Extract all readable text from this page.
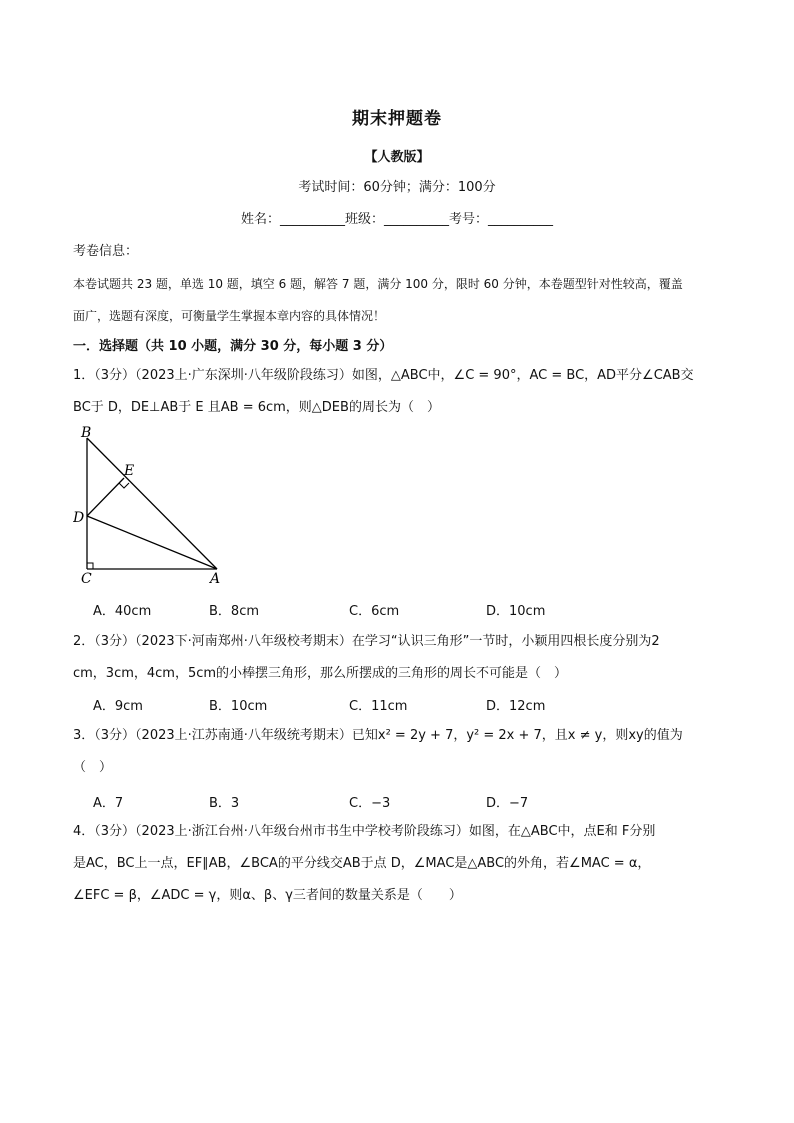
期末押题卷
【人教版】
考试时间：60分钟；满分：100分
姓名：__________班级：__________考号：__________
考卷信息：
本卷试题共 23 题，单选 10 题，填空 6 题，解答 7 题，满分 100 分，限时 60 分钟，本卷题型针对性较高，覆盖
面广，选题有深度，可衡量学生掌握本章内容的具体情况！
一．选择题（共 10 小题，满分 30 分，每小题 3 分）
1．（3分）（2023上·广东深圳·八年级阶段练习）如图，△ABC中，∠C = 90°，AC = BC，AD平分∠CAB交
BC于 D，DE⊥AB于 E 且AB = 6cm，则△DEB的周长为（　）
B
E
D
C	A
A．40cm	B．8cm	C．6cm	D．10cm
2．（3分）（2023下·河南郑州·八年级校考期末）在学习“认识三角形”一节时，小颖用四根长度分别为2
cm，3cm，4cm，5cm的小棒摆三角形，那么所摆成的三角形的周长不可能是（　）
A．9cm	B．10cm	C．11cm	D．12cm
3．（3分）（2023上·江苏南通·八年级统考期末）已知x² = 2y + 7，y² = 2x + 7，且x ≠ y，则xy的值为
（　）
A．7	B．3	C．−3	D．−7
4．（3分）（2023上·浙江台州·八年级台州市书生中学校考阶段练习）如图，在△ABC中，点E和 F分别
是AC，BC上一点，EF∥AB，∠BCA的平分线交AB于点 D，∠MAC是△ABC的外角，若∠MAC = α，
∠EFC = β，∠ADC = γ，则α、β、γ三者间的数量关系是（　　）
